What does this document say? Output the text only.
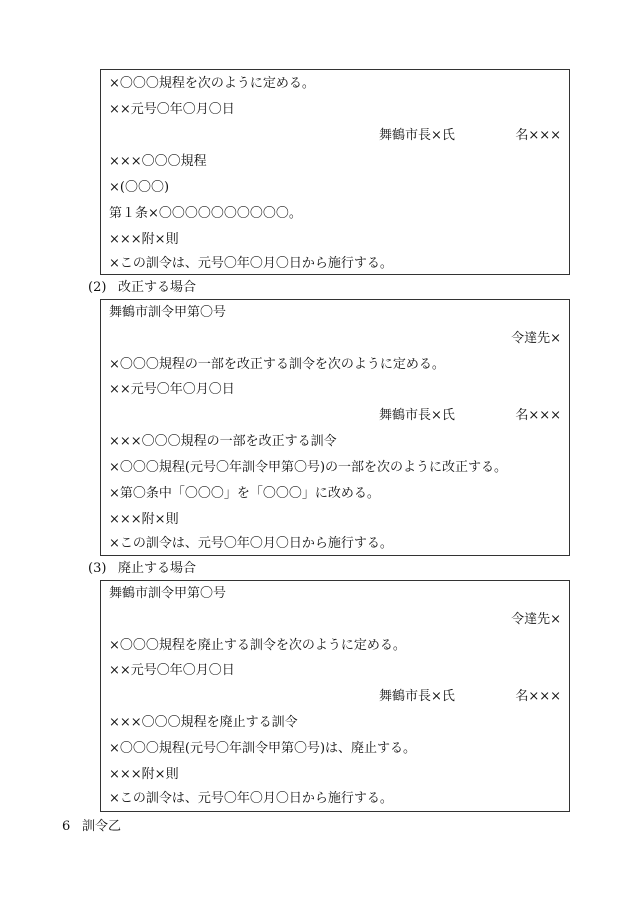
×〇〇〇規程を次のように定める。
××元号〇年〇月〇日
舞鶴市長×氏	名×××
×××〇〇〇規程
×(〇〇〇)
第１条×〇〇〇〇〇〇〇〇〇〇。
×××附×則
×この訓令は、元号〇年〇月〇日から施行する。
(2) 改正する場合
舞鶴市訓令甲第〇号
令達先×
×〇〇〇規程の一部を改正する訓令を次のように定める。
××元号〇年〇月〇日
舞鶴市長×氏	名×××
×××〇〇〇規程の一部を改正する訓令
×〇〇〇規程(元号〇年訓令甲第〇号)の一部を次のように改正する。
×第〇条中「〇〇〇」を「〇〇〇」に改める。
×××附×則
×この訓令は、元号〇年〇月〇日から施行する。
(3) 廃止する場合
舞鶴市訓令甲第〇号
令達先×
×〇〇〇規程を廃止する訓令を次のように定める。
××元号〇年〇月〇日
舞鶴市長×氏	名×××
×××〇〇〇規程を廃止する訓令
×〇〇〇規程(元号〇年訓令甲第〇号)は、廃止する。
×××附×則
×この訓令は、元号〇年〇月〇日から施行する。
6 訓令乙
